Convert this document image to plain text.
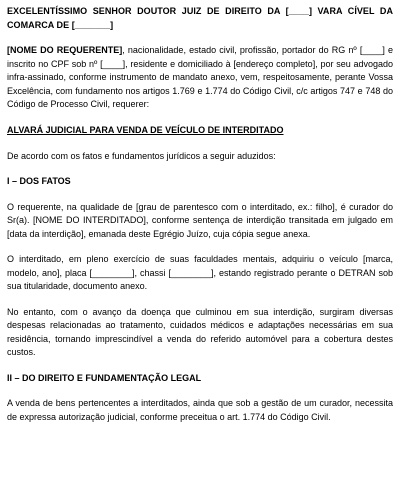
EXCELENTÍSSIMO SENHOR DOUTOR JUIZ DE DIREITO DA [____] VARA CÍVEL DA COMARCA DE [_______]

[NOME DO REQUERENTE], nacionalidade, estado civil, profissão, portador do RG nº [____] e inscrito no CPF sob nº [____], residente e domiciliado à [endereço completo], por seu advogado infra-assinado, conforme instrumento de mandato anexo, vem, respeitosamente, perante Vossa Excelência, com fundamento nos artigos 1.769 e 1.774 do Código Civil, c/c artigos 747 e 748 do Código de Processo Civil, requerer:

ALVARÁ JUDICIAL PARA VENDA DE VEÍCULO DE INTERDITADO

De acordo com os fatos e fundamentos jurídicos a seguir aduzidos:

I – DOS FATOS

O requerente, na qualidade de [grau de parentesco com o interditado, ex.: filho], é curador do Sr(a). [NOME DO INTERDITADO], conforme sentença de interdição transitada em julgado em [data da interdição], emanada deste Egrégio Juízo, cuja cópia segue anexa.

O interditado, em pleno exercício de suas faculdades mentais, adquiriu o veículo [marca, modelo, ano], placa [________], chassi [________], estando registrado perante o DETRAN sob sua titularidade, documento anexo.

No entanto, com o avanço da doença que culminou em sua interdição, surgiram diversas despesas relacionadas ao tratamento, cuidados médicos e adaptações necessárias em sua residência, tornando imprescindível a venda do referido automóvel para a cobertura destes custos.

II – DO DIREITO E FUNDAMENTAÇÃO LEGAL

A venda de bens pertencentes a interditados, ainda que sob a gestão de um curador, necessita de expressa autorização judicial, conforme preceitua o art. 1.774 do Código Civil.
